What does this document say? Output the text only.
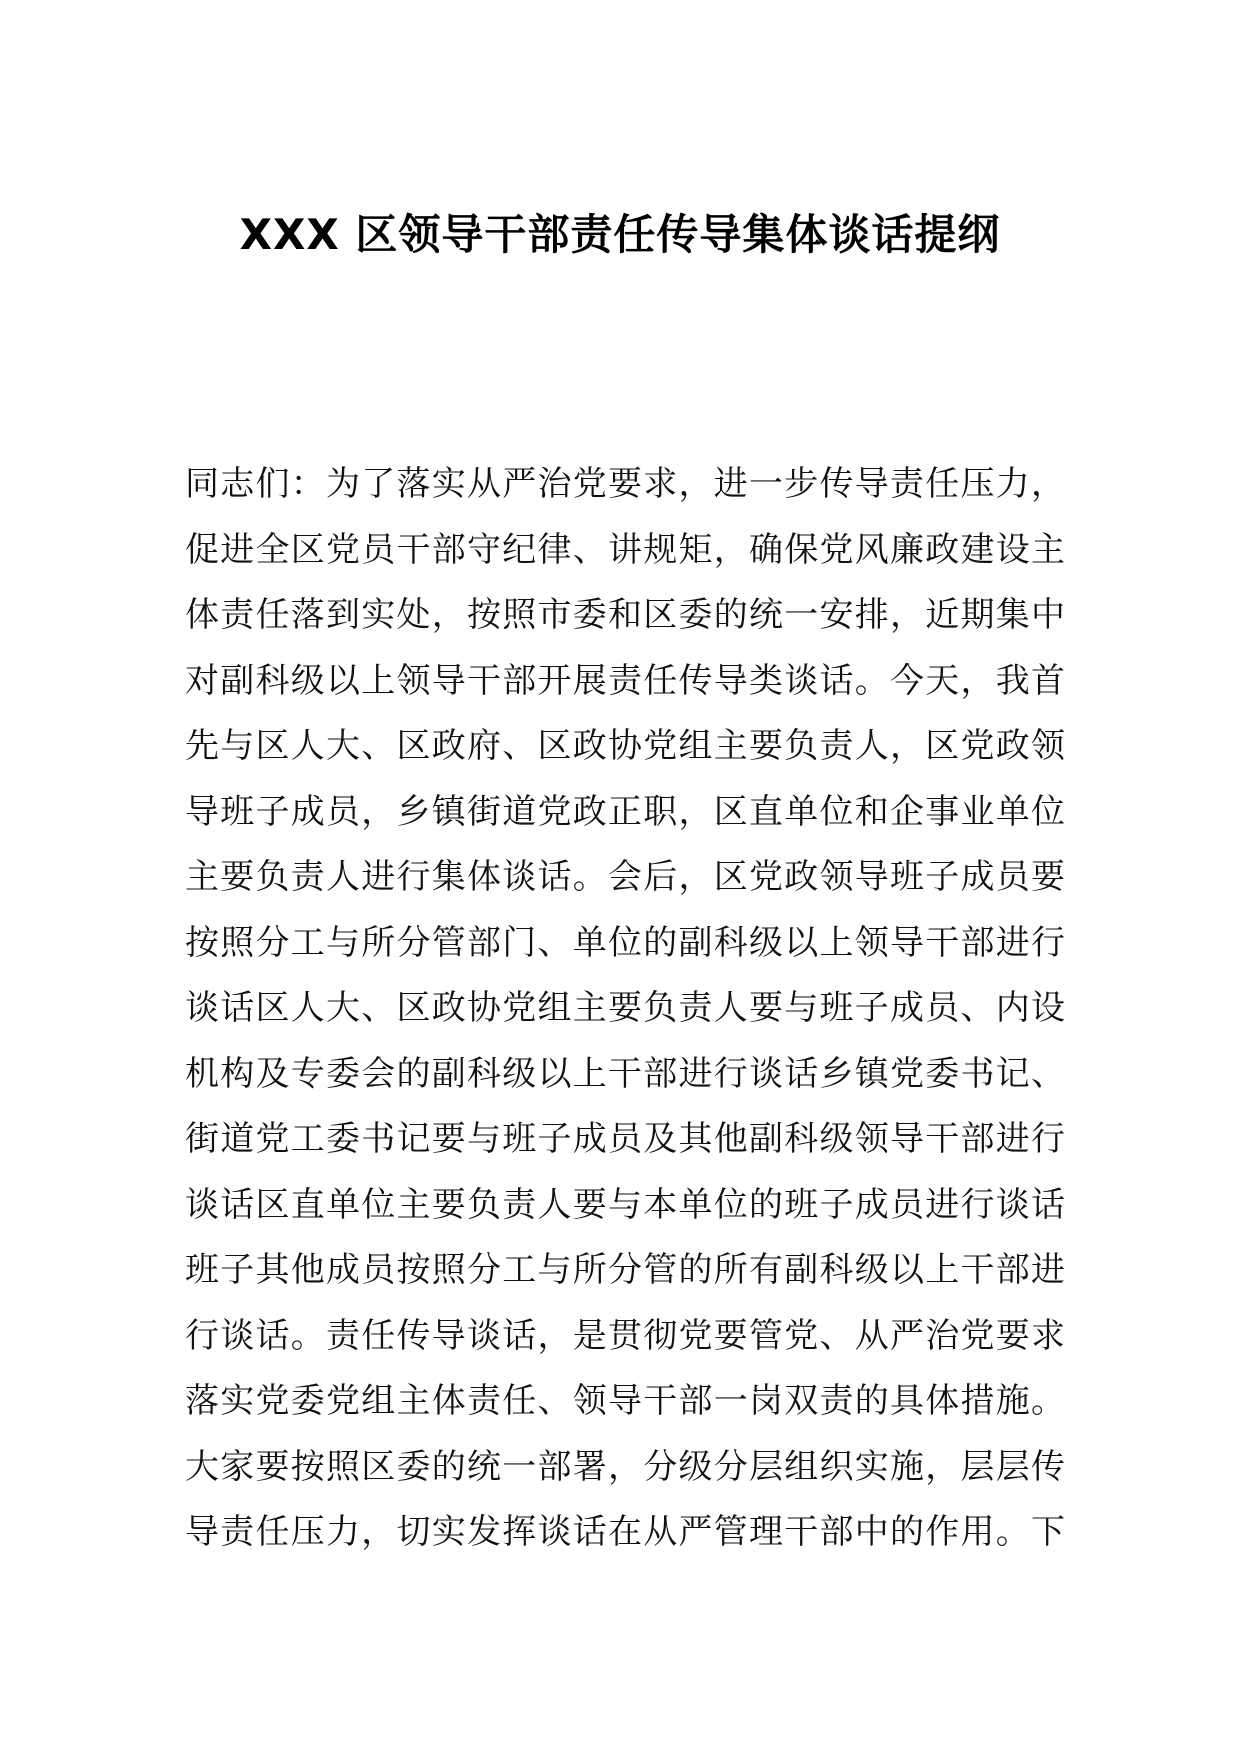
XXX 区领导干部责任传导集体谈话提纲
同志们：为了落实从严治党要求，进一步传导责任压力，
促进全区党员干部守纪律、讲规矩，确保党风廉政建设主
体责任落到实处，按照市委和区委的统一安排，近期集中
对副科级以上领导干部开展责任传导类谈话。今天，我首
先与区人大、区政府、区政协党组主要负责人，区党政领
导班子成员，乡镇街道党政正职，区直单位和企事业单位
主要负责人进行集体谈话。会后，区党政领导班子成员要
按照分工与所分管部门、单位的副科级以上领导干部进行
谈话区人大、区政协党组主要负责人要与班子成员、内设
机构及专委会的副科级以上干部进行谈话乡镇党委书记、
街道党工委书记要与班子成员及其他副科级领导干部进行
谈话区直单位主要负责人要与本单位的班子成员进行谈话
班子其他成员按照分工与所分管的所有副科级以上干部进
行谈话。责任传导谈话，是贯彻党要管党、从严治党要求
落实党委党组主体责任、领导干部一岗双责的具体措施。
大家要按照区委的统一部署，分级分层组织实施，层层传
导责任压力，切实发挥谈话在从严管理干部中的作用。下
